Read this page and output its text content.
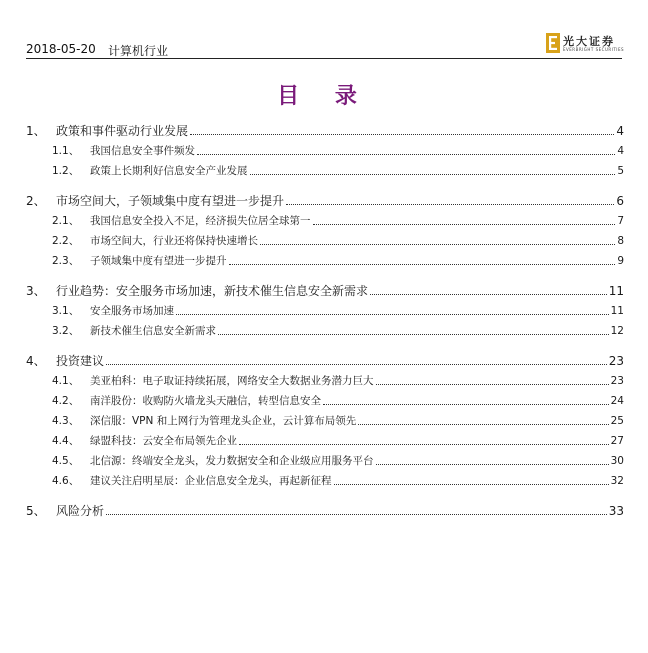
2018-05-20 计算机行业
光大证券
EVERBRIGHT SECURITIES
目 录
1、 政策和事件驱动行业发展	4
1.1、	我国信息安全事件频发	4
1.2、	政策上长期利好信息安全产业发展	5
2、 市场空间大，子领域集中度有望进一步提升	6
2.1、	我国信息安全投入不足，经济损失位居全球第一	7
2.2、	市场空间大，行业还将保持快速增长	8
2.3、	子领域集中度有望进一步提升	9
3、 行业趋势：安全服务市场加速，新技术催生信息安全新需求	11
3.1、	安全服务市场加速	11
3.2、	新技术催生信息安全新需求	12
4、 投资建议	23
4.1、	美亚柏科：电子取证持续拓展，网络安全大数据业务潜力巨大	23
4.2、	南洋股份：收购防火墙龙头天融信，转型信息安全	24
4.3、	深信服：VPN 和上网行为管理龙头企业，云计算布局领先	25
4.4、	绿盟科技：云安全布局领先企业	27
4.5、	北信源：终端安全龙头，发力数据安全和企业级应用服务平台	30
4.6、	建议关注启明星辰：企业信息安全龙头，再起新征程	32
5、 风险分析	33
